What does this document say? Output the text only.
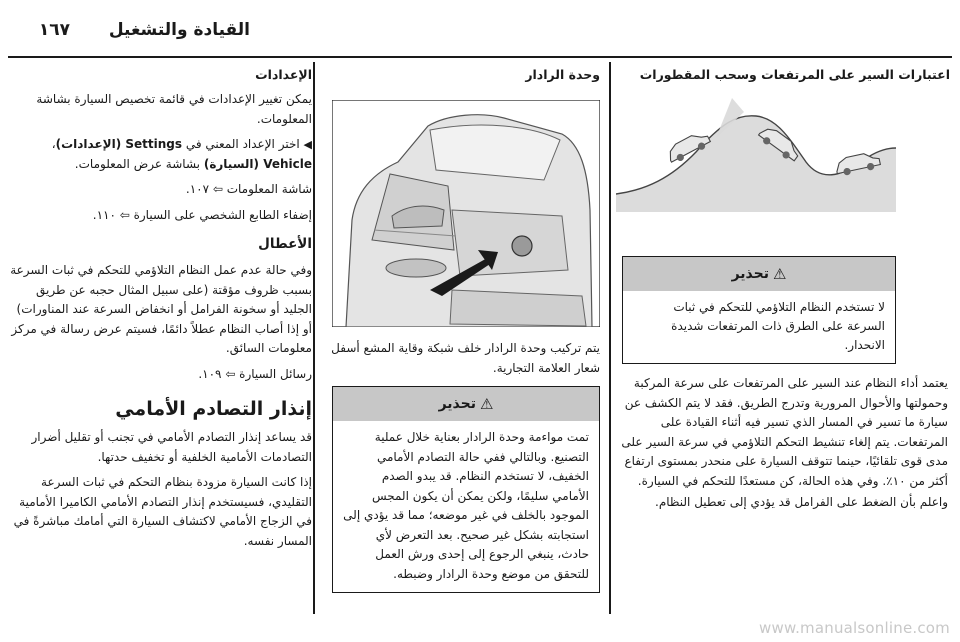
القيادة والتشغيل
١٦٧
اعتبارات السير على المرتفعات وسحب المقطورات
⚠
تحذير
لا تستخدم النظام التلاؤمي للتحكم في ثبات السرعة على الطرق ذات المرتفعات شديدة الانحدار.
يعتمد أداء النظام عند السير على المرتفعات على سرعة المركبة وحمولتها والأحوال المرورية وتدرج الطريق. فقد لا يتم الكشف عن سيارة ما تسير في المسار الذي تسير فيه أثناء القيادة على المرتفعات. يتم إلغاء تنشيط التحكم التلاؤمي في سرعة السير على مدى قوى تلقائيًا، حينما تتوقف السيارة على منحدر بمستوى ارتفاع أكثر من ١٠٪. وفي هذه الحالة، كن مستعدًا للتحكم في السيارة.
واعلم بأن الضغط على الفرامل قد يؤدي إلى تعطيل النظام.
وحدة الرادار
يتم تركيب وحدة الرادار خلف شبكة وقاية المشع أسفل شعار العلامة التجارية.
⚠
تحذير
تمت مواءمة وحدة الرادار بعناية خلال عملية التصنيع. وبالتالي ففي حالة التصادم الأمامي الخفيف، لا تستخدم النظام. قد يبدو الصدم الأمامي سليمًا، ولكن يمكن أن يكون المجس الموجود بالخلف في غير موضعه؛ مما قد يؤدي إلى استجابته بشكل غير صحيح. بعد التعرض لأي حادث، ينبغي الرجوع إلى إحدى ورش العمل للتحقق من موضع وحدة الرادار وضبطه.
الإعدادات
يمكن تغيير الإعدادات في قائمة تخصيص السيارة بشاشة المعلومات.
◀ اختر الإعداد المعني في Settings (الإعدادات)، Vehicle (السيارة) بشاشة عرض المعلومات.
شاشة المعلومات ⇦ ١٠٧.
إضفاء الطابع الشخصي على السيارة ⇦ ١١٠.
الأعطال
وفي حالة عدم عمل النظام التلاؤمي للتحكم في ثبات السرعة بسبب ظروف مؤقتة (على سبيل المثال حجبه عن طريق الجليد أو سخونة الفرامل أو انخفاض السرعة عند المناورات) أو إذا أصاب النظام عطلاً دائمًا، فسيتم عرض رسالة في مركز معلومات السائق.
رسائل السيارة ⇦ ١٠٩.
إنذار التصادم الأمامي
قد يساعد إنذار التصادم الأمامي في تجنب أو تقليل أضرار التصادمات الأمامية الخلفية أو تخفيف حدتها.
إذا كانت السيارة مزودة بنظام التحكم في ثبات السرعة التقليدي، فسيستخدم إنذار التصادم الأمامي الكاميرا الأمامية في الزجاج الأمامي لاكتشاف السيارة التي أمامك مباشرةً في المسار نفسه.
www.manualsonline.com
